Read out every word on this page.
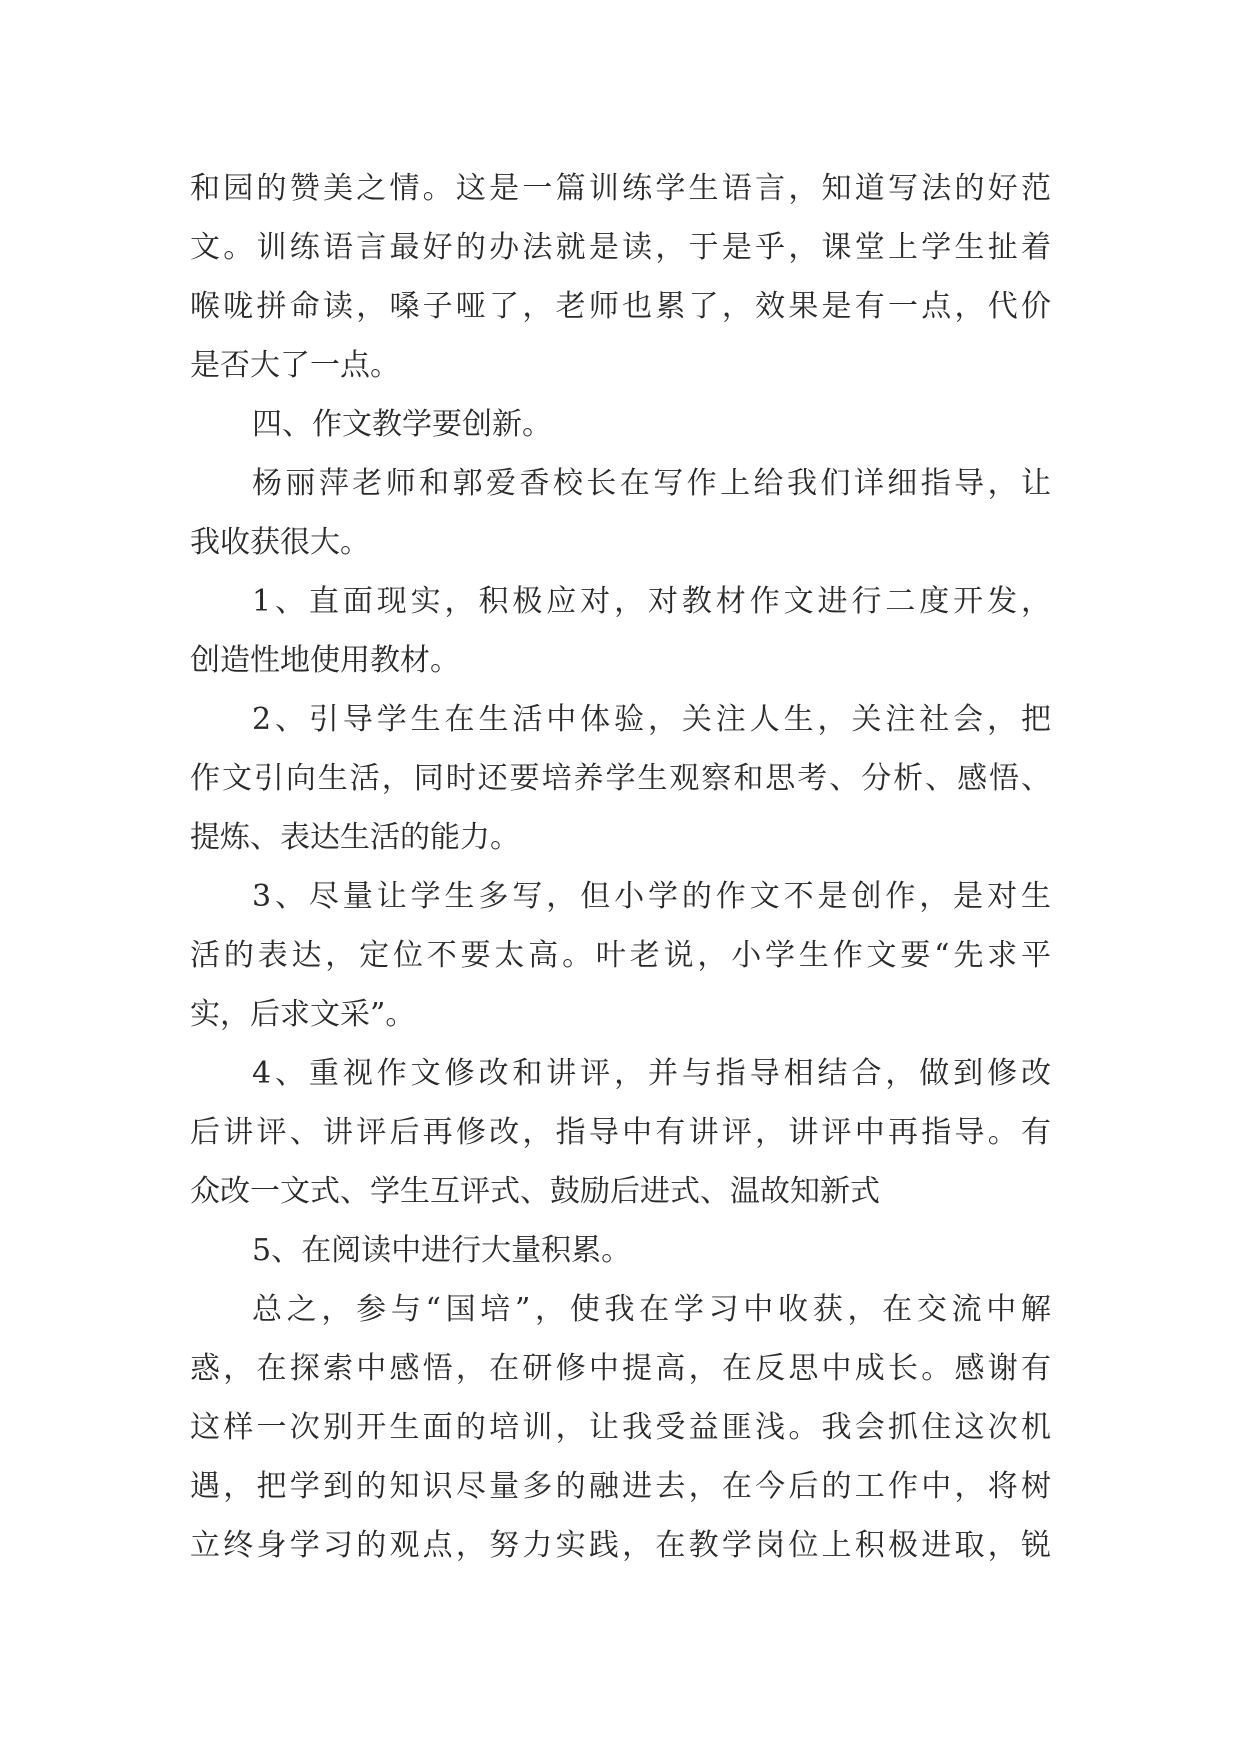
和园的赞美之情。这是一篇训练学生语言，知道写法的好范
文。训练语言最好的办法就是读，于是乎，课堂上学生扯着
喉咙拼命读，嗓子哑了，老师也累了，效果是有一点，代价
是否大了一点。
四、作文教学要创新。
杨丽萍老师和郭爱香校长在写作上给我们详细指导，让
我收获很大。
1、直面现实，积极应对，对教材作文进行二度开发，
创造性地使用教材。
2、引导学生在生活中体验，关注人生，关注社会，把
作文引向生活，同时还要培养学生观察和思考、分析、感悟、
提炼、表达生活的能力。
3、尽量让学生多写，但小学的作文不是创作，是对生
活的表达，定位不要太高。叶老说，小学生作文要“先求平
实，后求文采”。
4、重视作文修改和讲评，并与指导相结合，做到修改
后讲评、讲评后再修改，指导中有讲评，讲评中再指导。有
众改一文式、学生互评式、鼓励后进式、温故知新式
5、在阅读中进行大量积累。
总之，参与“国培”，使我在学习中收获，在交流中解
惑，在探索中感悟，在研修中提高，在反思中成长。感谢有
这样一次别开生面的培训，让我受益匪浅。我会抓住这次机
遇，把学到的知识尽量多的融进去，在今后的工作中，将树
立终身学习的观点，努力实践，在教学岗位上积极进取，锐
